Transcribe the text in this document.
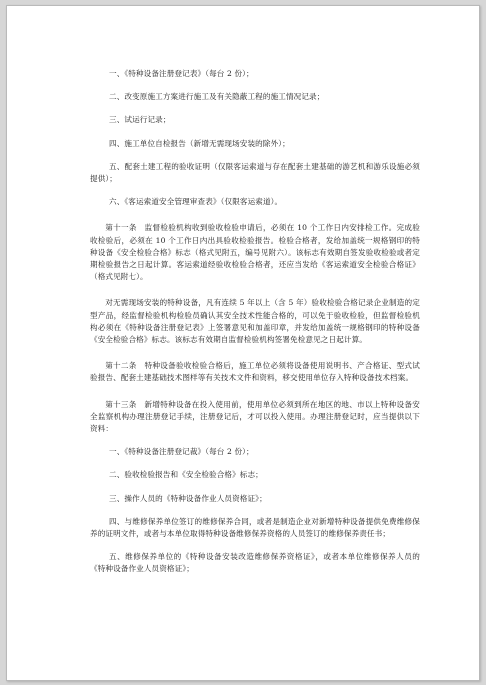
一、《特种设备注册登记表》（每台 2 份）；

二、改变原施工方案进行施工及有关隐蔽工程的施工情况记录；

三、试运行记录；

四、施工单位自检报告（新增无需现场安装的除外）；

五、配套土建工程的验收证明（仅限客运索道与存在配套土建基础的游艺机和游乐设施必须提供）；

六、《客运索道安全管理审查表》（仅限客运索道）。

第十一条　监督检验机构收到验收检验申请后，必须在 10 个工作日内安排检工作。完成验收检验后，必须在 10 个工作日内出具验收检验报告。检验合格者，发给加盖统一规格钢印的特种设备《安全检验合格》标志（格式见附五，编号见附六）。该标志有效期自签发验收检验或者定期检验报告之日起计算。客运索道经验收检验合格者，还应当发给《客运索道安全检验合格证》（格式见附七）。

对无需现场安装的特种设备，凡有连续 5 年以上（含 5 年）验收检验合格记录企业制造的定型产品，经监督检验机构检验员确认其安全技术性能合格的，可以免于验收检验，但监督检验机构必须在《特种设备注册登记表》上签署意见和加盖印章，并发给加盖统一规格钢印的特种设备《安全检验合格》标志。该标志有效期自监督检验机构签署免检意见之日起计算。

第十二条　特种设备验收检验合格后，施工单位必须将设备使用说明书、产合格证、型式试验报告、配套土建基础技术图样等有关技术文件和资料，移交使用单位存入特种设备技术档案。

第十三条　新增特种设备在投入使用前，使用单位必须到所在地区的地、市以上特种设备安全监察机构办理注册登记手续，注册登记后，才可以投入使用。办理注册登记时，应当提供以下资料：

一、《特种设备注册登记裁》（每台 2 份）；

二、验收检验报告和《安全检验合格》标志；

三、操作人员的《特种设备作业人员资格证》；

四、与维修保养单位签订的维修保养合同，或者是制造企业对新增特种设备提供免费维修保养的证明文件，或者与本单位取得特种设备维修保养资格的人员签订的维修保养责任书；

五、维修保养单位的《特种设备安装改造维修保养资格证》，或者本单位维修保养人员的《特种设备作业人员资格证》；
